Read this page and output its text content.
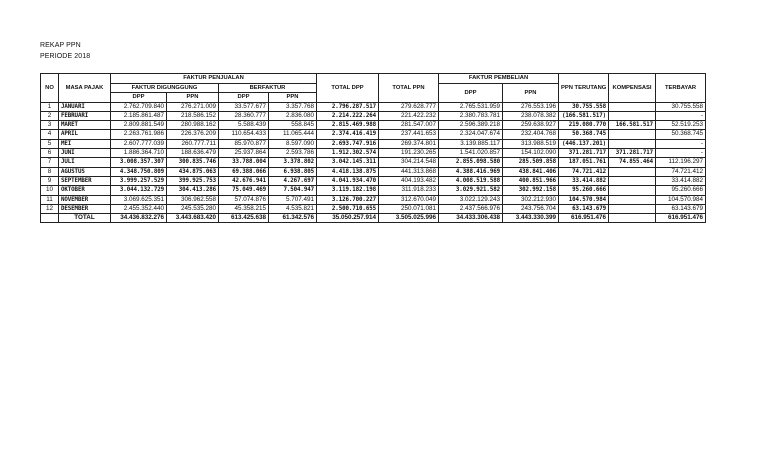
REKAP PPN
PERIODE 2018
NO	MASA PAJAK	FAKTUR PENJUALAN				TOTAL DPP	TOTAL PPN	FAKTUR PEMBELIAN		PPN TERUTANG	KOMPENSASI	TERBAYAR
		FAKTUR DIGUNGGUNG		BERFAKTUR				DPP	PPN			
		DPP	PPN	DPP	PPN							
1	JANUARI	2.762.709.840	276.271.009	33.577.677	3.357.768	2.796.287.517	279.628.777	2.765.531.959	276.553.196	30.755.558		30.755.558
2	FEBRUARI	2.185.861.487	218.586.152	28.360.777	2.836.080	2.214.222.264	221.422.232	2.380.783.781	238.078.382	(166.581.517)		-
3	MARET	2.809.881.549	280.988.162	5.588.439	558.845	2.815.469.988	281.547.007	2.596.389.218	259.638.927	219.080.770	166.581.517	52.519.253
4	APRIL	2.263.761.986	226.376.209	110.654.433	11.065.444	2.374.416.419	237.441.653	2.324.047.674	232.404.768	50.368.745		50.368.745
5	MEI	2.607.777.039	260.777.711	85.970.877	8.597.090	2.693.747.916	269.374.801	3.139.885.117	313.988.519	(446.137.201)		-
6	JUNI	1.886.364.710	188.636.479	25.937.864	2.593.786	1.912.302.574	191.230.265	1.541.020.857	154.102.090	371.281.717	371.281.717	-
7	JULI	3.008.357.307	300.835.746	33.788.004	3.378.802	3.042.145.311	304.214.548	2.855.098.580	285.509.858	187.051.761	74.855.464	112.196.297
8	AGUSTUS	4.348.750.809	434.875.063	69.388.066	6.938.805	4.418.138.875	441.313.868	4.388.416.969	438.841.406	74.721.412		74.721.412
9	SEPTEMBER	3.999.257.529	399.925.753	42.676.941	4.267.697	4.041.934.470	404.193.482	4.008.519.588	400.851.966	33.414.882		33.414.882
10	OKTOBER	3.044.132.729	304.413.286	75.049.469	7.504.947	3.119.182.198	311.918.233	3.029.921.582	302.992.158	95.260.666		95.260.666
11	NOVEMBER	3.069.625.351	306.962.558	57.074.876	5.707.491	3.126.700.227	312.670.049	3.022.129.243	302.212.930	104.570.984		104.570.984
12	DESEMBER	2.455.352.440	245.535.280	45.358.215	4.535.821	2.500.710.655	250.071.081	2.437.566.976	243.756.704	63.143.679		63.143.679
	TOTAL	34.436.832.276	3.443.683.420	613.425.638	61.342.576	35.050.257.914	3.505.025.996	34.433.306.438	3.443.330.399	616.951.476		616.951.476
